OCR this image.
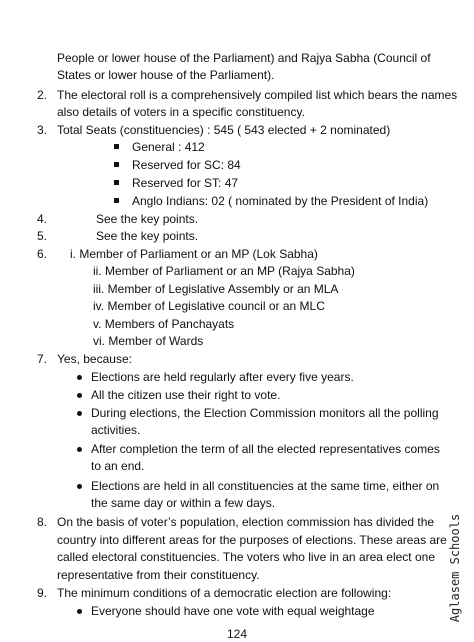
People or lower house of the Parliament) and Rajya Sabha (Council of
States or lower house of the Parliament).
2. The electoral roll is a comprehensively compiled list which bears the names
also details of voters in a specific constituency.
3. Total Seats (constituencies) : 545 ( 543 elected + 2 nominated)
General : 412
Reserved for SC: 84
Reserved for ST: 47
Anglo Indians: 02 ( nominated by the President of India)
4.	See the key points.
5.	See the key points.
6. i. Member of Parliament or an MP (Lok Sabha)
ii. Member of Parliament or an MP (Rajya Sabha)
iii. Member of Legislative Assembly or an MLA
iv. Member of Legislative council or an MLC
v. Members of Panchayats
vi. Member of Wards
7. Yes, because:
Elections are held regularly after every five years.
All the citizen use their right to vote.
During elections, the Election Commission monitors all the polling
activities.
After completion the term of all the elected representatives comes
to an end.
Elections are held in all constituencies at the same time, either on
the same day or within a few days.
8. On the basis of voter’s population, election commission has divided the
country into different areas for the purposes of elections. These areas are
called electoral constituencies. The voters who live in an area elect one
representative from their constituency.
9. The minimum conditions of a democratic election are following:
Everyone should have one vote with equal weightage
124
Aglasem Schools
